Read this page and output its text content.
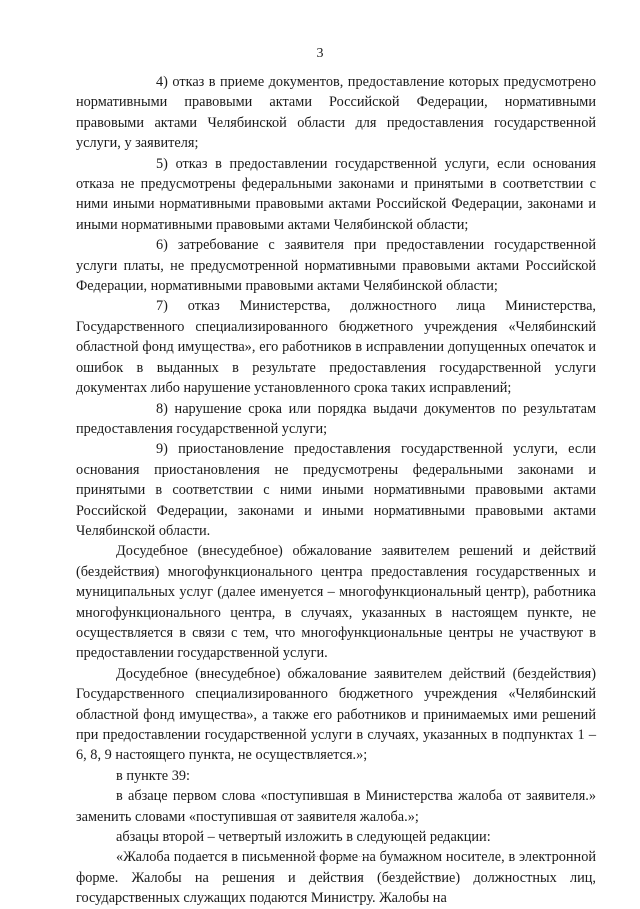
3

4) отказ в приеме документов, предоставление которых предусмотрено нормативными правовыми актами Российской Федерации, нормативными правовыми актами Челябинской области для предоставления государственной услуги, у заявителя;

5) отказ в предоставлении государственной услуги, если основания отказа не предусмотрены федеральными законами и принятыми в соответствии с ними иными нормативными правовыми актами Российской Федерации, законами и иными нормативными правовыми актами Челябинской области;

6) затребование с заявителя при предоставлении государственной услуги платы, не предусмотренной нормативными правовыми актами Российской Федерации, нормативными правовыми актами Челябинской области;

7) отказ Министерства, должностного лица Министерства, Государственного специализированного бюджетного учреждения «Челябинский областной фонд имущества», его работников в исправлении допущенных опечаток и ошибок в выданных в результате предоставления государственной услуги документах либо нарушение установленного срока таких исправлений;

8) нарушение срока или порядка выдачи документов по результатам предоставления государственной услуги;

9) приостановление предоставления государственной услуги, если основания приостановления не предусмотрены федеральными законами и принятыми в соответствии с ними иными нормативными правовыми актами Российской Федерации, законами и иными нормативными правовыми актами Челябинской области.

Досудебное (внесудебное) обжалование заявителем решений и действий (бездействия) многофункционального центра предоставления государственных и муниципальных услуг (далее именуется – многофункциональный центр), работника многофункционального центра, в случаях, указанных в настоящем пункте, не осуществляется в связи с тем, что многофункциональные центры не участвуют в предоставлении государственной услуги.

Досудебное (внесудебное) обжалование заявителем действий (бездействия) Государственного специализированного бюджетного учреждения «Челябинский областной фонд имущества», а также его работников и принимаемых ими решений при предоставлении государственной услуги в случаях, указанных в подпунктах 1 – 6, 8, 9 настоящего пункта, не осуществляется.»;

в пункте 39:

в абзаце первом слова «поступившая в Министерства жалоба от заявителя.» заменить словами «поступившая от заявителя жалоба.»;

абзацы второй – четвертый изложить в следующей редакции:

«Жалоба подается в письменной форме на бумажном носителе, в электронной форме. Жалобы на решения и действия (бездействие) должностных лиц, государственных служащих подаются Министру. Жалобы на
